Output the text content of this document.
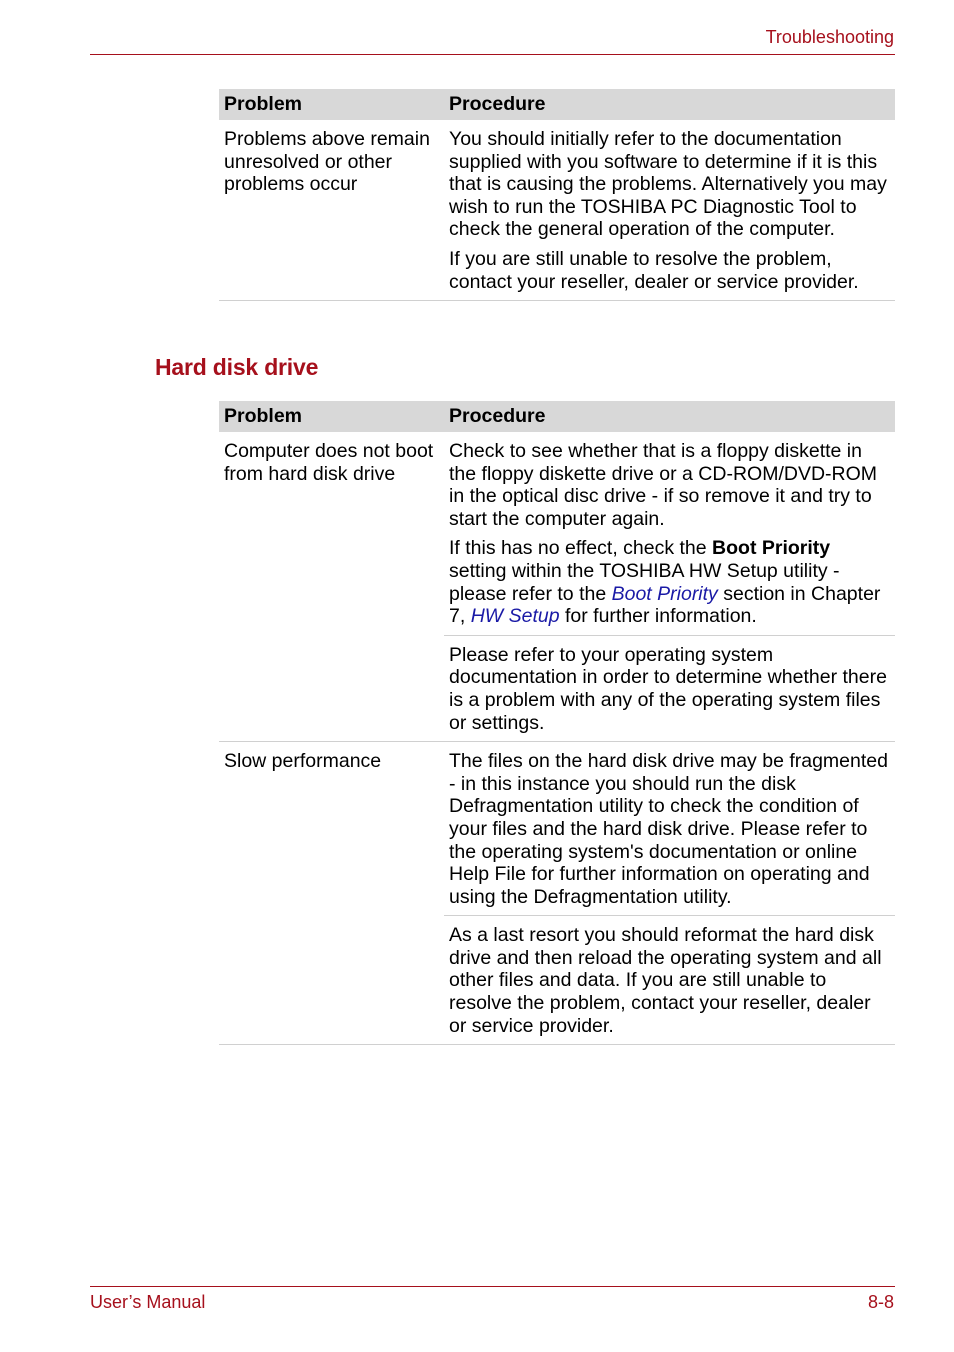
Troubleshooting
Problem	Procedure
Problems above remain unresolved or other problems occur	You should initially refer to the documentation supplied with you software to determine if it is this that is causing the problems. Alternatively you may wish to run the TOSHIBA PC Diagnostic Tool to check the general operation of the computer.

If you are still unable to resolve the problem, contact your reseller, dealer or service provider.

Hard disk drive
Problem	Procedure
Computer does not boot from hard disk drive	Check to see whether that is a floppy diskette in the floppy diskette drive or a CD-ROM/DVD-ROM in the optical disc drive - if so remove it and try to start the computer again.

If this has no effect, check the Boot Priority setting within the TOSHIBA HW Setup utility - please refer to the Boot Priority section in Chapter 7, HW Setup for further information.

	Please refer to your operating system documentation in order to determine whether there is a problem with any of the operating system files or settings.

Slow performance	The files on the hard disk drive may be fragmented - in this instance you should run the disk Defragmentation utility to check the condition of your files and the hard disk drive. Please refer to the operating system's documentation or online Help File for further information on operating and using the Defragmentation utility.

	As a last resort you should reformat the hard disk drive and then reload the operating system and all other files and data. If you are still unable to resolve the problem, contact your reseller, dealer or service provider.

User’s Manual	8-8
